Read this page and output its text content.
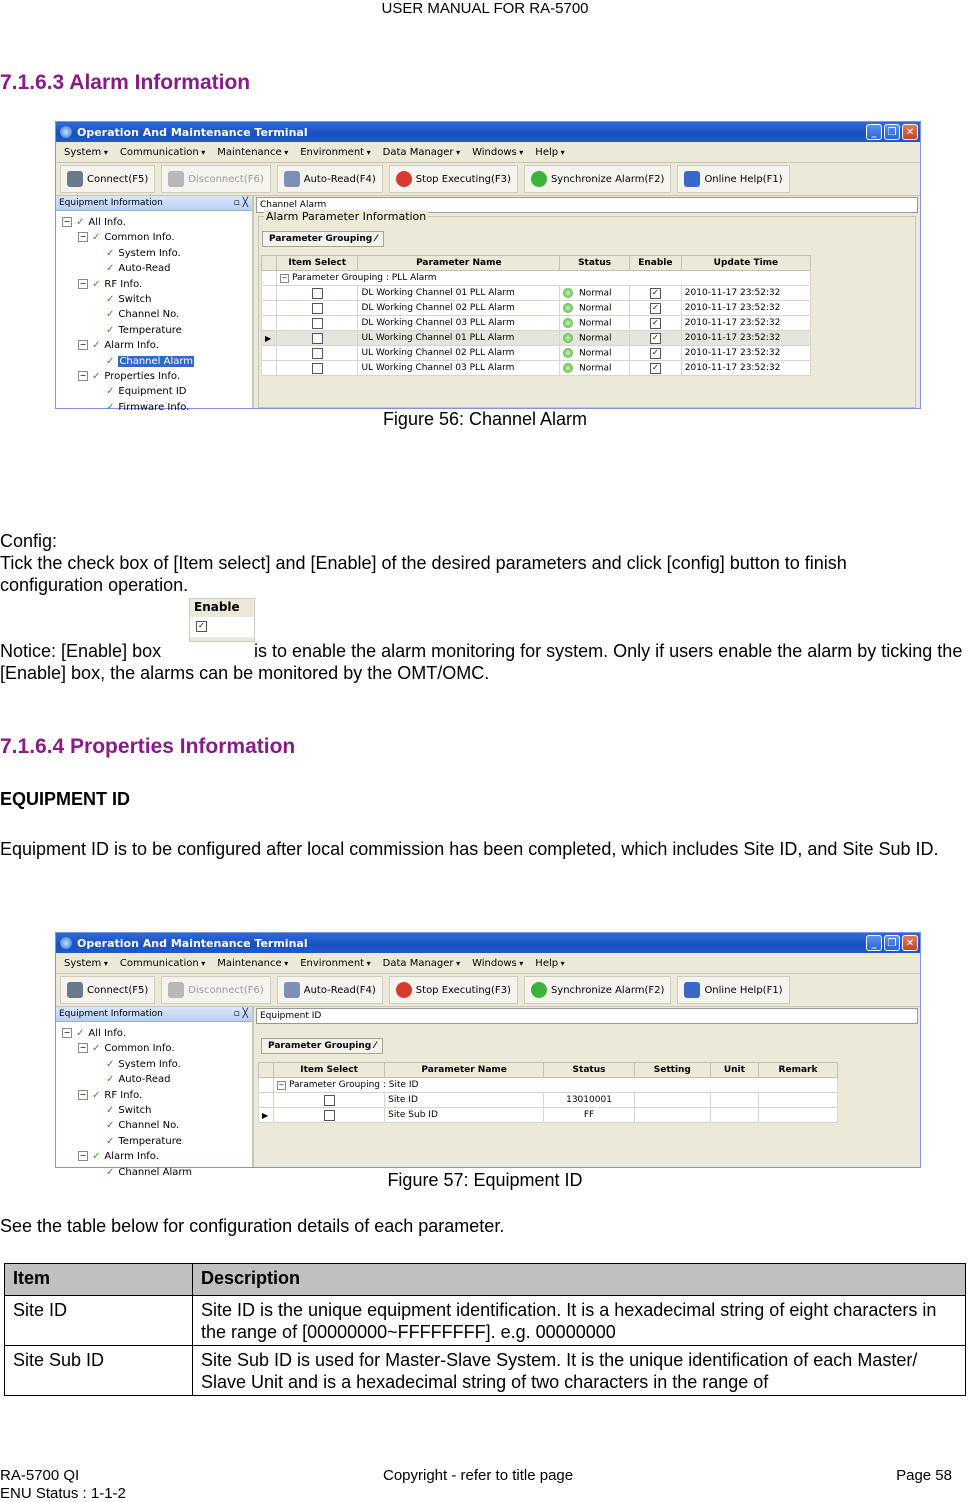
USER MANUAL FOR RA-5700
7.1.6.3 Alarm Information
Operation And Maintenance Terminal	_	❐ ✕
System ▾	Communication ▾	Maintenance ▾	Environment ▾	Data Manager ▾	Windows ▾	Help ▾
Connect(F5)	Disconnect(F6)	Auto-Read(F4)	Stop Executing(F3)	Synchronize Alarm(F2)	Online Help(F1)
Equipment Information	▫ ╳
− ✓ All Info.
− ✓ Common Info.
✓ System Info.
✓ Auto-Read
− ✓ RF Info.
✓ Switch
✓ Channel No.
✓ Temperature
− ✓ Alarm Info.
✓ Channel Alarm
− ✓ Properties Info.
✓ Equipment ID
✓ Firmware Info.
Channel Alarm
Alarm Parameter Information
Parameter Grouping ⁄
	Item Select	Parameter Name	Status	Enable	Update Time
	− Parameter Grouping : PLL Alarm				
		DL Working Channel 01 PLL Alarm	Normal	✓	2010-11-17 23:52:32
		DL Working Channel 02 PLL Alarm	Normal	✓	2010-11-17 23:52:32
		DL Working Channel 03 PLL Alarm	Normal	✓	2010-11-17 23:52:32
▶		UL Working Channel 01 PLL Alarm	Normal	✓	2010-11-17 23:52:32
		UL Working Channel 02 PLL Alarm	Normal	✓	2010-11-17 23:52:32
		UL Working Channel 03 PLL Alarm	Normal	✓	2010-11-17 23:52:32
Figure 56: Channel Alarm
Config:
Tick the check box of [Item select] and [Enable] of the desired parameters and click [config] button to finish configuration operation.
Notice: [Enable] box
Enable
✓
is to enable the alarm monitoring for system. Only if users enable the alarm by ticking the [Enable] box, the alarms can be monitored by the OMT/OMC.
7.1.6.4 Properties Information
EQUIPMENT ID
Equipment ID is to be configured after local commission has been completed, which includes Site ID, and Site Sub ID.
Operation And Maintenance Terminal	_	❐ ✕
System ▾	Communication ▾	Maintenance ▾	Environment ▾	Data Manager ▾	Windows ▾	Help ▾
Connect(F5)	Disconnect(F6)	Auto-Read(F4)	Stop Executing(F3)	Synchronize Alarm(F2)	Online Help(F1)
Equipment Information	▫ ╳
− ✓ All Info.
− ✓ Common Info.
✓ System Info.
✓ Auto-Read
− ✓ RF Info.
✓ Switch
✓ Channel No.
✓ Temperature
− ✓ Alarm Info.
✓ Channel Alarm
Equipment ID
Parameter Grouping ⁄
	Item Select	Parameter Name	Status	Setting	Unit	Remark
	− Parameter Grouping : Site ID					
		Site ID	13010001			
▶		Site Sub ID	FF			
Figure 57: Equipment ID
See the table below for configuration details of each parameter.
Item	Description
Site ID	Site ID is the unique equipment identification. It is a hexadecimal string of eight characters in the range of [00000000~FFFFFFFF]. e.g. 00000000
Site Sub ID	Site Sub ID is used for Master-Slave System. It is the unique identification of each Master/ Slave Unit and is a hexadecimal string of two characters in the range of
RA-5700 QI
ENU Status : 1-1-2
Copyright - refer to title page	Page 58
